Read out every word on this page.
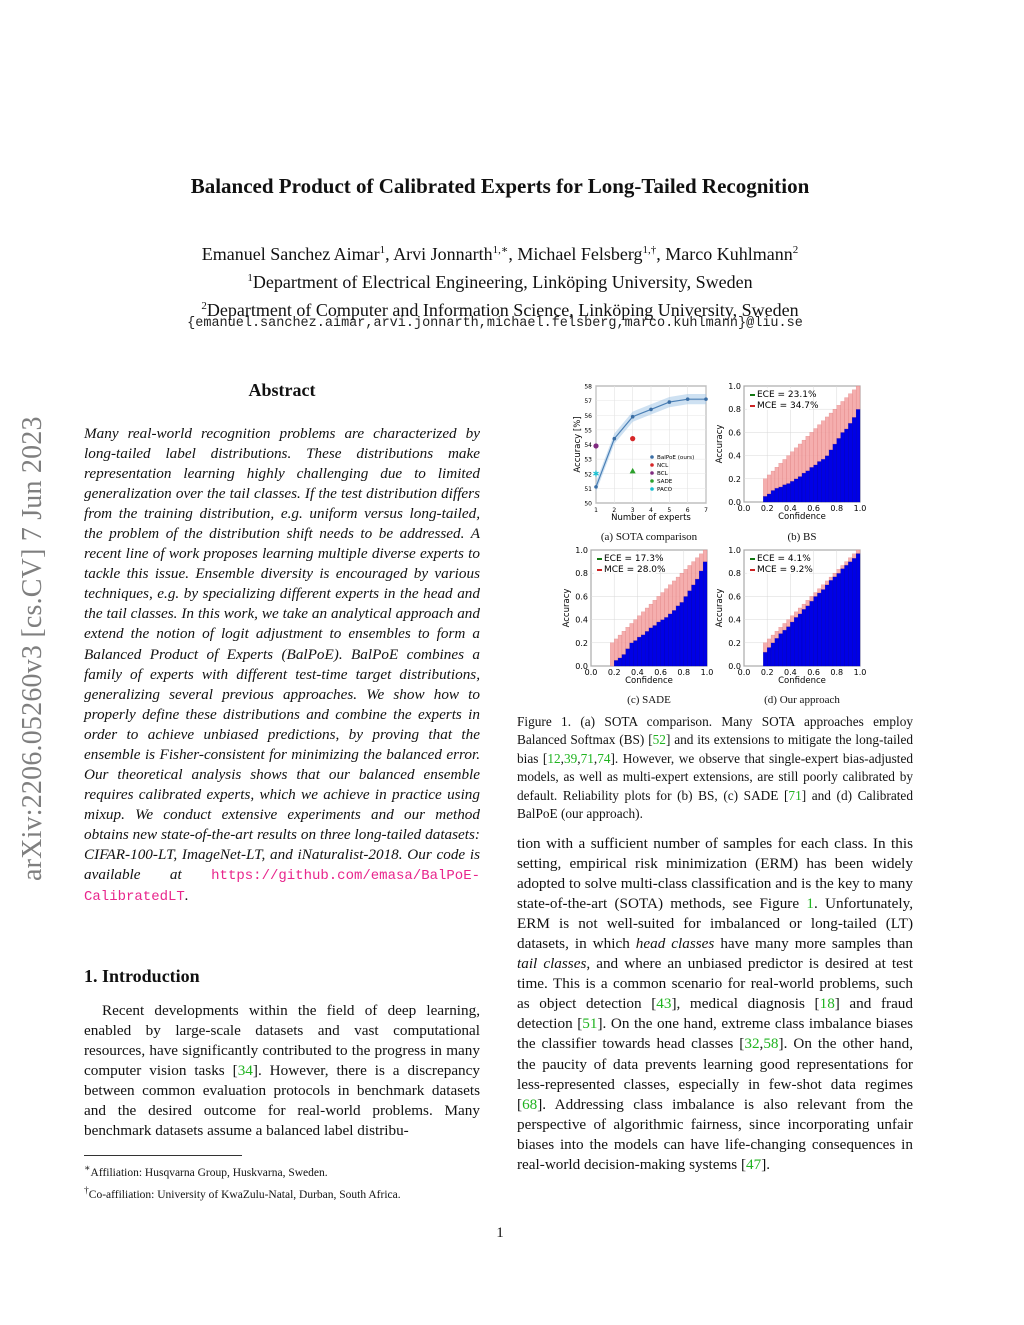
Balanced Product of Calibrated Experts for Long-Tailed Recognition
Emanuel Sanchez Aimar$^1$, Arvi Jonnarth$^{1,∗}$, Michael Felsberg$^{1,\dagger}$, Marco Kuhlmann$^2$
$^1$Department of Electrical Engineering, Linköping University, Sweden
$^2$Department of Computer and Information Science, Linköping University, Sweden
{emanuel.sanchez.aimar,arvi.jonnarth,michael.felsberg,marco.kuhlmann}@liu.se
arXiv:2206.05260v3 [cs.CV] 7 Jun 2023
Abstract
Many real-world recognition problems are characterized by long-tailed label distributions. These distributions make representation learning highly challenging due to limited generalization over the tail classes. If the test distribution differs from the training distribution, e.g. uniform versus long-tailed, the problem of the distribution shift needs to be addressed. A recent line of work proposes learning multiple diverse experts to tackle this issue. Ensemble diversity is encouraged by various techniques, e.g. by specializing different experts in the head and the tail classes. In this work, we take an analytical approach and extend the notion of logit adjustment to ensembles to form a Balanced Product of Experts (BalPoE). BalPoE combines a family of experts with different test-time target distributions, generalizing several previous approaches. We show how to properly define these distributions and combine the experts in order to achieve unbiased predictions, by proving that the ensemble is Fisher-consistent for minimizing the balanced error. Our theoretical analysis shows that our balanced ensemble requires calibrated experts, which we achieve in practice using mixup. We conduct extensive experiments and our method obtains new state-of-the-art results on three long-tailed datasets: CIFAR-100-LT, ImageNet-LT, and iNaturalist-2018. Our code is available at https://github.com/emasa/BalPoE-CalibratedLT.
1. Introduction

Recent developments within the field of deep learning, enabled by large-scale datasets and vast computational resources, have significantly contributed to the progress in many computer vision tasks [34]. However, there is a discrepancy between common evaluation protocols in benchmark datasets and the desired outcome for real-world problems. Many benchmark datasets assume a balanced label distribu-

∗Affiliation: Husqvarna Group, Huskvarna, Sweden.
†Co-affiliation: University of KwaZulu-Natal, Durban, South Africa.
50
51
52
53
54
55
56
57
58
1 2 3 4 5 6 7
✱
BalPoE (ours)
NCL
BCL
SADE
PACO
Number of experts
Accuracy [%]
(a) SOTA comparison
0.0
0.2
0.4
0.6
0.8
1.0
0.0 0.2 0.4 0.6 0.8 1.0
ECE = 23.1%
MCE = 34.7%
Confidence
Accuracy
(b) BS
0.0
0.2
0.4
0.6
0.8
1.0
0.0 0.2 0.4 0.6 0.8 1.0
ECE = 17.3%
MCE = 28.0%
Confidence
Accuracy
(c) SADE
0.0
0.2
0.4
0.6
0.8
1.0
0.0 0.2 0.4 0.6 0.8 1.0
ECE = 4.1%
MCE = 9.2%
Confidence
Accuracy
(d) Our approach
Figure 1. (a) SOTA comparison. Many SOTA approaches employ Balanced Softmax (BS) [52] and its extensions to mitigate the long-tailed bias [12,39,71,74]. However, we observe that single-expert bias-adjusted models, as well as multi-expert extensions, are still poorly calibrated by default. Reliability plots for (b) BS, (c) SADE [71] and (d) Calibrated BalPoE (our approach).

tion with a sufficient number of samples for each class. In this setting, empirical risk minimization (ERM) has been widely adopted to solve multi-class classification and is the key to many state-of-the-art (SOTA) methods, see Figure 1. Unfortunately, ERM is not well-suited for imbalanced or long-tailed (LT) datasets, in which head classes have many more samples than tail classes, and where an unbiased predictor is desired at test time. This is a common scenario for real-world problems, such as object detection [43], medical diagnosis [18] and fraud detection [51]. On the one hand, extreme class imbalance biases the classifier towards head classes [32,58]. On the other hand, the paucity of data prevents learning good representations for less-represented classes, especially in few-shot data regimes [68]. Addressing class imbalance is also relevant from the perspective of algorithmic fairness, since incorporating unfair biases into the models can have life-changing consequences in real-world decision-making systems [47].

1
